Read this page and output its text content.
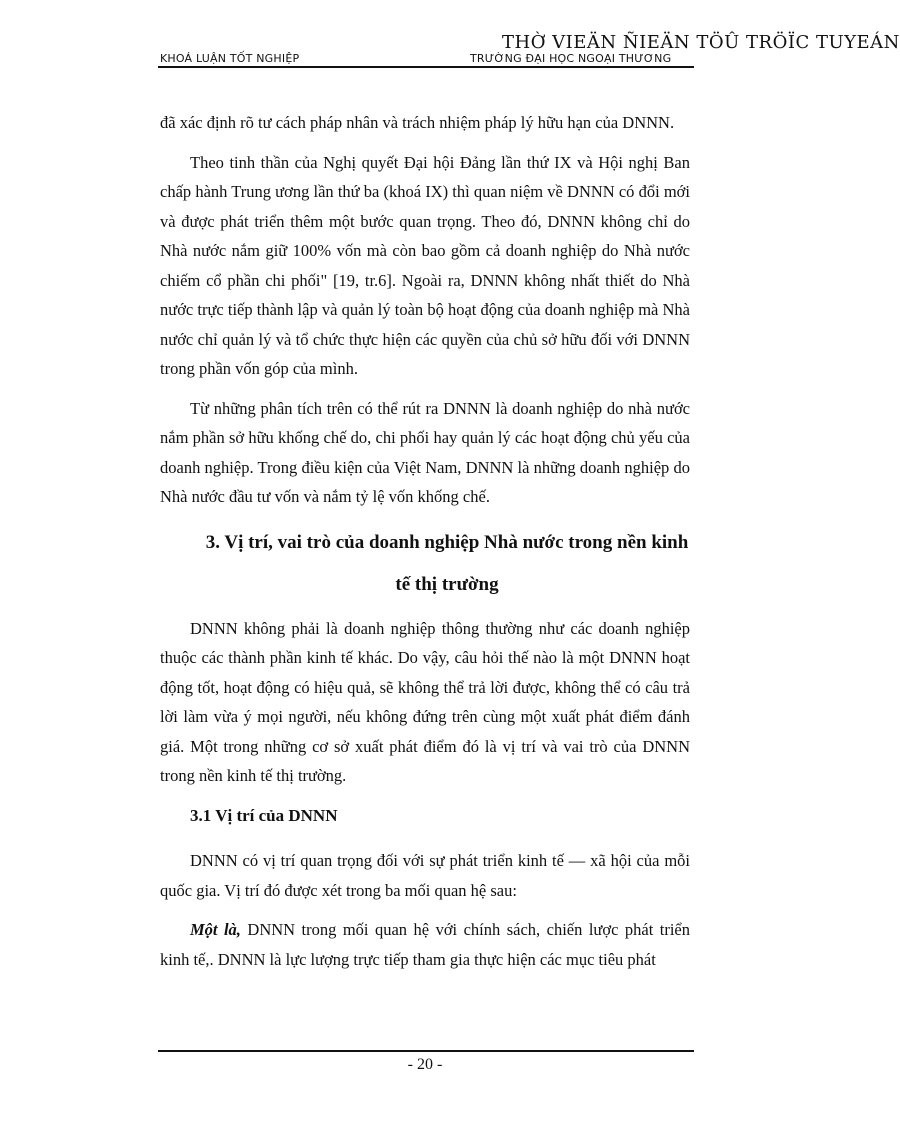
KHOÁ LUẬN TỐT NGHIỆP	TRƯỜNG ĐẠI HỌC NGOẠI THƯƠNG
THỜ VIEÄN ÑIEÄN TÖÛ TRÖÏC TUYEÁN

đã xác định rõ tư cách pháp nhân và trách nhiệm pháp lý hữu hạn của DNNN.

Theo tinh thần của Nghị quyết Đại hội Đảng lần thứ IX và Hội nghị Ban chấp hành Trung ương lần thứ ba (khoá IX) thì quan niệm về DNNN có đổi mới và được phát triển thêm một bước quan trọng. Theo đó, DNNN không chỉ do Nhà nước nắm giữ 100% vốn mà còn bao gồm cả doanh nghiệp do Nhà nước chiếm cổ phần chi phối" [19, tr.6]. Ngoài ra, DNNN không nhất thiết do Nhà nước trực tiếp thành lập và quản lý toàn bộ hoạt động của doanh nghiệp mà Nhà nước chỉ quản lý và tổ chức thực hiện các quyền của chủ sở hữu đối với DNNN trong phần vốn góp của mình.

Từ những phân tích trên có thể rút ra DNNN là doanh nghiệp do nhà nước nắm phần sở hữu khống chế do, chi phối hay quản lý các hoạt động chủ yếu của doanh nghiệp. Trong điều kiện của Việt Nam, DNNN là những doanh nghiệp do Nhà nước đầu tư vốn và nắm tỷ lệ vốn khống chế.

3. Vị trí, vai trò của doanh nghiệp Nhà nước trong nền kinh tế thị trường

DNNN không phải là doanh nghiệp thông thường như các doanh nghiệp thuộc các thành phần kinh tế khác. Do vậy, câu hỏi thế nào là một DNNN hoạt động tốt, hoạt động có hiệu quả, sẽ không thể trả lời được, không thể có câu trả lời làm vừa ý mọi người, nếu không đứng trên cùng một xuất phát điểm đánh giá. Một trong những cơ sở xuất phát điểm đó là vị trí và vai trò của DNNN trong nền kinh tế thị trường.

3.1 Vị trí của DNNN

DNNN có vị trí quan trọng đối với sự phát triển kinh tế — xã hội của mỗi quốc gia. Vị trí đó được xét trong ba mối quan hệ sau:

Một là, DNNN trong mối quan hệ với chính sách, chiến lược phát triển kinh tế,. DNNN là lực lượng trực tiếp tham gia thực hiện các mục tiêu phát

- 20 -
